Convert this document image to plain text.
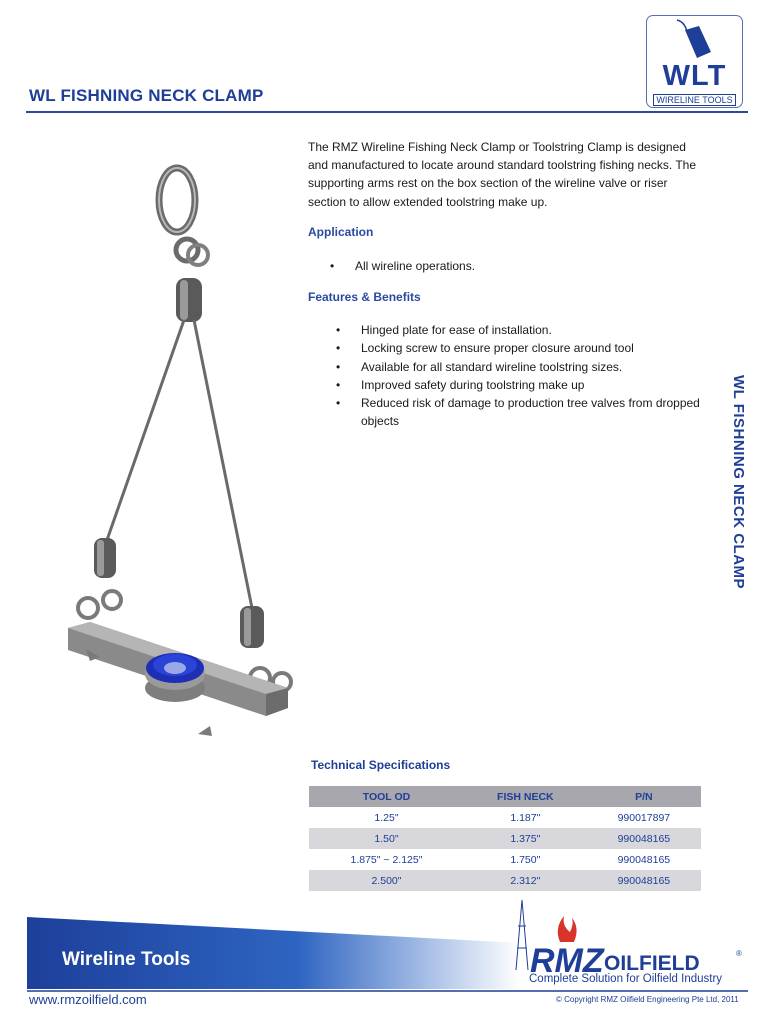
WL FISHNING NECK CLAMP
WLT
WIRELINE TOOLS
The RMZ Wireline Fishing Neck Clamp or Toolstring Clamp is designed and manufactured to locate around standard toolstring fishing necks. The supporting arms rest on the box section of the wireline valve or riser section to allow extended toolstring make up.
Application
• All wireline operations.
Features & Benefits
• Hinged plate for ease of installation.
• Locking screw to ensure proper closure around tool
• Available for all standard wireline toolstring sizes.
• Improved safety during toolstring make up
• Reduced risk of damage to production tree valves from dropped objects	WL FISHNING NECK CLAMP
Technical Specifications
TOOL OD	FISH NECK	P/N
1.25"	1.187"	990017897
1.50"	1.375"	990048165
1.875" ~ 2.125"	1.750"	990048165
2.500"	2.312"	990048165
Wireline Tools
www.rmzoilfield.com
RMZ OILFIELD	®
Complete Solution for Oilfield Industry
© Copyright RMZ Oilfield Engineering Pte Ltd, 2011
